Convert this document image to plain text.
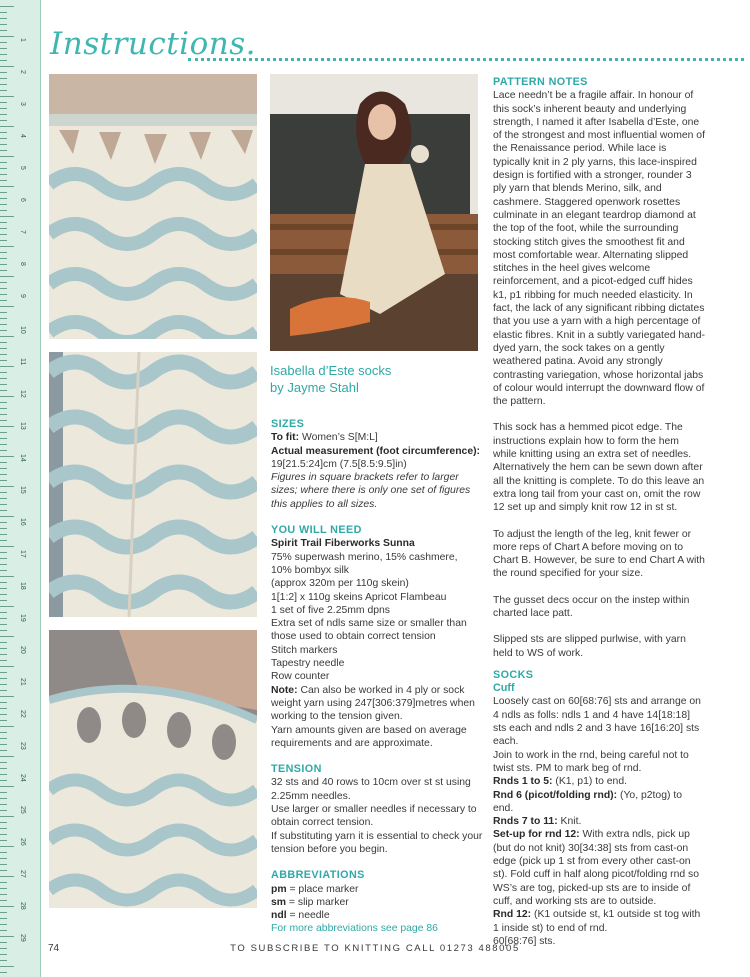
1
2
3
4
5
6
7
8
9
10
11
12
13
14
15
16
17
18
19
20
21
22
23
24
25
26
27
28
29
Instructions.
Isabella d’Este socks
by Jayme Stahl
SIZES

To fit: Women’s S[M:L]

Actual measurement (foot circumference):

19[21.5:24]cm (7.5[8.5:9.5]in)

Figures in square brackets refer to larger sizes; where there is only one set of figures this applies to all sizes.

YOU WILL NEED

Spirit Trail Fiberworks Sunna

75% superwash merino, 15% cashmere,

10% bombyx silk

(approx 320m per 110g skein)

1[1:2] x 110g skeins Apricot Flambeau

1 set of five 2.25mm dpns

Extra set of ndls same size or smaller than those used to obtain correct tension

Stitch markers

Tapestry needle

Row counter

Note: Can also be worked in 4 ply or sock weight yarn using 247[306:379]metres when working to the tension given.

Yarn amounts given are based on average requirements and are approximate.

TENSION

32 sts and 40 rows to 10cm over st st using 2.25mm needles.

Use larger or smaller needles if necessary to obtain correct tension.

If substituting yarn it is essential to check your tension before you begin.

ABBREVIATIONS

pm = place marker

sm = slip marker

ndl = needle

For more abbreviations see page 86

PATTERN NOTES

Lace needn’t be a fragile affair. In honour of this sock’s inherent beauty and underlying strength, I named it after Isabella d’Este, one of the strongest and most influential women of the Renaissance period. While lace is typically knit in 2 ply yarns, this lace-inspired design is fortified with a stronger, rounder 3 ply yarn that blends Merino, silk, and cashmere. Staggered openwork rosettes culminate in an elegant teardrop diamond at the top of the foot, while the surrounding stocking stitch gives the smoothest fit and most comfortable wear. Alternating slipped stitches in the heel gives welcome reinforcement, and a picot-edged cuff hides k1, p1 ribbing for much needed elasticity. In fact, the lack of any significant ribbing dictates that you use a yarn with a high percentage of elastic fibres. Knit in a subtly variegated hand-dyed yarn, the sock takes on a gently weathered patina. Avoid any strongly contrasting variegation, whose horizontal jabs of colour would interrupt the downward flow of the pattern.

This sock has a hemmed picot edge. The instructions explain how to form the hem while knitting using an extra set of needles. Alternatively the hem can be sewn down after all the knitting is complete. To do this leave an extra long tail from your cast on, omit the row 12 set up and simply knit row 12 in st st.

To adjust the length of the leg, knit fewer or more reps of Chart A before moving on to Chart B. However, be sure to end Chart A with the round specified for your size.

The gusset decs occur on the instep within charted lace patt.

Slipped sts are slipped purlwise, with yarn held to WS of work.

SOCKS
Cuff

Loosely cast on 60[68:76] sts and arrange on 4 ndls as folls: ndls 1 and 4 have 14[18:18] sts each and ndls 2 and 3 have 16[16:20] sts each.

Join to work in the rnd, being careful not to twist sts. PM to mark beg of rnd.

Rnds 1 to 5: (K1, p1) to end.

Rnd 6 (picot/folding rnd): (Yo, p2tog) to end.

Rnds 7 to 11: Knit.

Set-up for rnd 12: With extra ndls, pick up (but do not knit) 30[34:38] sts from cast-on edge (pick up 1 st from every other cast-on st). Fold cuff in half along picot/folding rnd so WS’s are tog, picked-up sts are to inside of cuff, and working sts are to outside.

Rnd 12: (K1 outside st, k1 outside st tog with 1 inside st) to end of rnd.

60[68:76] sts.

74	TO SUBSCRIBE TO KNITTING CALL 01273 488005
